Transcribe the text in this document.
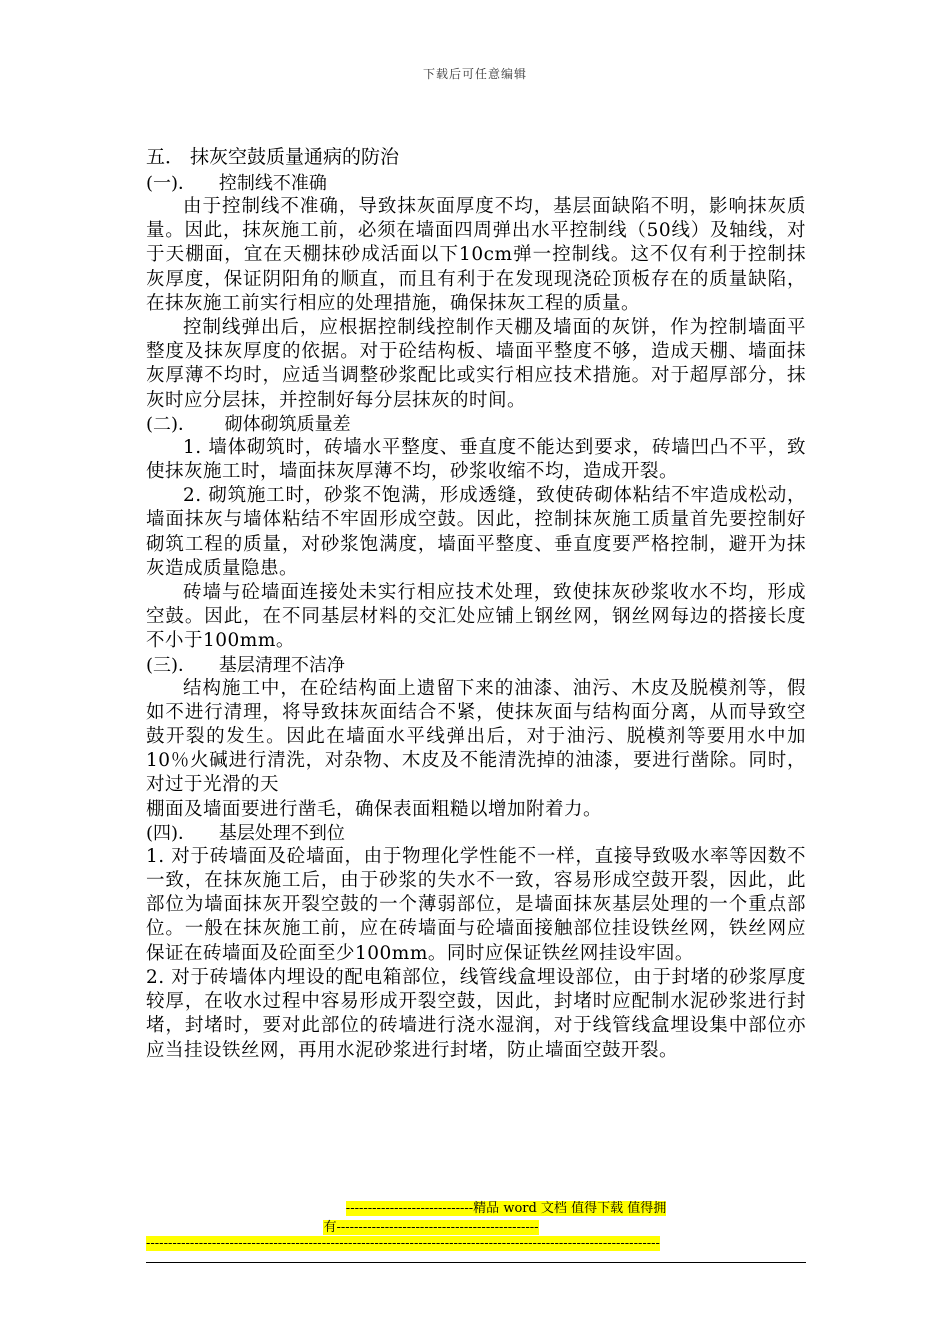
下载后可任意编辑
五． 抹灰空鼓质量通病的防治
(一)．    控制线不准确

由于控制线不准确，导致抹灰面厚度不均，基层面缺陷不明，影响抹灰质量。因此，抹灰施工前，必须在墙面四周弹出水平控制线（50线）及轴线，对于天棚面，宜在天棚抹砂成活面以下10cm弹一控制线。这不仅有利于控制抹灰厚度，保证阴阳角的顺直，而且有利于在发现现浇砼顶板存在的质量缺陷，在抹灰施工前实行相应的处理措施，确保抹灰工程的质量。

控制线弹出后，应根据控制线控制作天棚及墙面的灰饼，作为控制墙面平整度及抹灰厚度的依据。对于砼结构板、墙面平整度不够，造成天棚、墙面抹灰厚薄不均时，应适当调整砂浆配比或实行相应技术措施。对于超厚部分，抹灰时应分层抹，并控制好每分层抹灰的时间。

(二)．     砌体砌筑质量差

1. 墙体砌筑时，砖墙水平整度、垂直度不能达到要求，砖墙凹凸不平，致使抹灰施工时，墙面抹灰厚薄不均，砂浆收缩不均，造成开裂。

2. 砌筑施工时，砂浆不饱满，形成透缝，致使砖砌体粘结不牢造成松动，墙面抹灰与墙体粘结不牢固形成空鼓。因此，控制抹灰施工质量首先要控制好砌筑工程的质量，对砂浆饱满度，墙面平整度、垂直度要严格控制，避开为抹灰造成质量隐患。

砖墙与砼墙面连接处未实行相应技术处理，致使抹灰砂浆收水不均，形成空鼓。因此，在不同基层材料的交汇处应铺上钢丝网，钢丝网每边的搭接长度不小于100mm。

(三)．    基层清理不洁净

结构施工中，在砼结构面上遗留下来的油漆、油污、木皮及脱模剂等，假如不进行清理，将导致抹灰面结合不紧，使抹灰面与结构面分离，从而导致空鼓开裂的发生。因此在墙面水平线弹出后，对于油污、脱模剂等要用水中加10％火碱进行清洗，对杂物、木皮及不能清洗掉的油漆，要进行凿除。同时，对过于光滑的天

棚面及墙面要进行凿毛，确保表面粗糙以增加附着力。

(四)．    基层处理不到位

1. 对于砖墙面及砼墙面，由于物理化学性能不一样，直接导致吸水率等因数不一致，在抹灰施工后，由于砂浆的失水不一致，容易形成空鼓开裂，因此，此部位为墙面抹灰开裂空鼓的一个薄弱部位，是墙面抹灰基层处理的一个重点部位。一般在抹灰施工前，应在砖墙面与砼墙面接触部位挂设铁丝网，铁丝网应保证在砖墙面及砼面至少100mm。同时应保证铁丝网挂设牢固。

2. 对于砖墙体内埋设的配电箱部位，线管线盒埋设部位，由于封堵的砂浆厚度较厚，在收水过程中容易形成开裂空鼓，因此，封堵时应配制水泥砂浆进行封堵，封堵时，要对此部位的砖墙进行浇水湿润，对于线管线盒埋设集中部位亦应当挂设铁丝网，再用水泥砂浆进行封堵，防止墙面空鼓开裂。

-----------------------------精品 word 文档 值得下载 值得拥
有----------------------------------------------
---------------------------------------------------------------------------------------------------------------------
